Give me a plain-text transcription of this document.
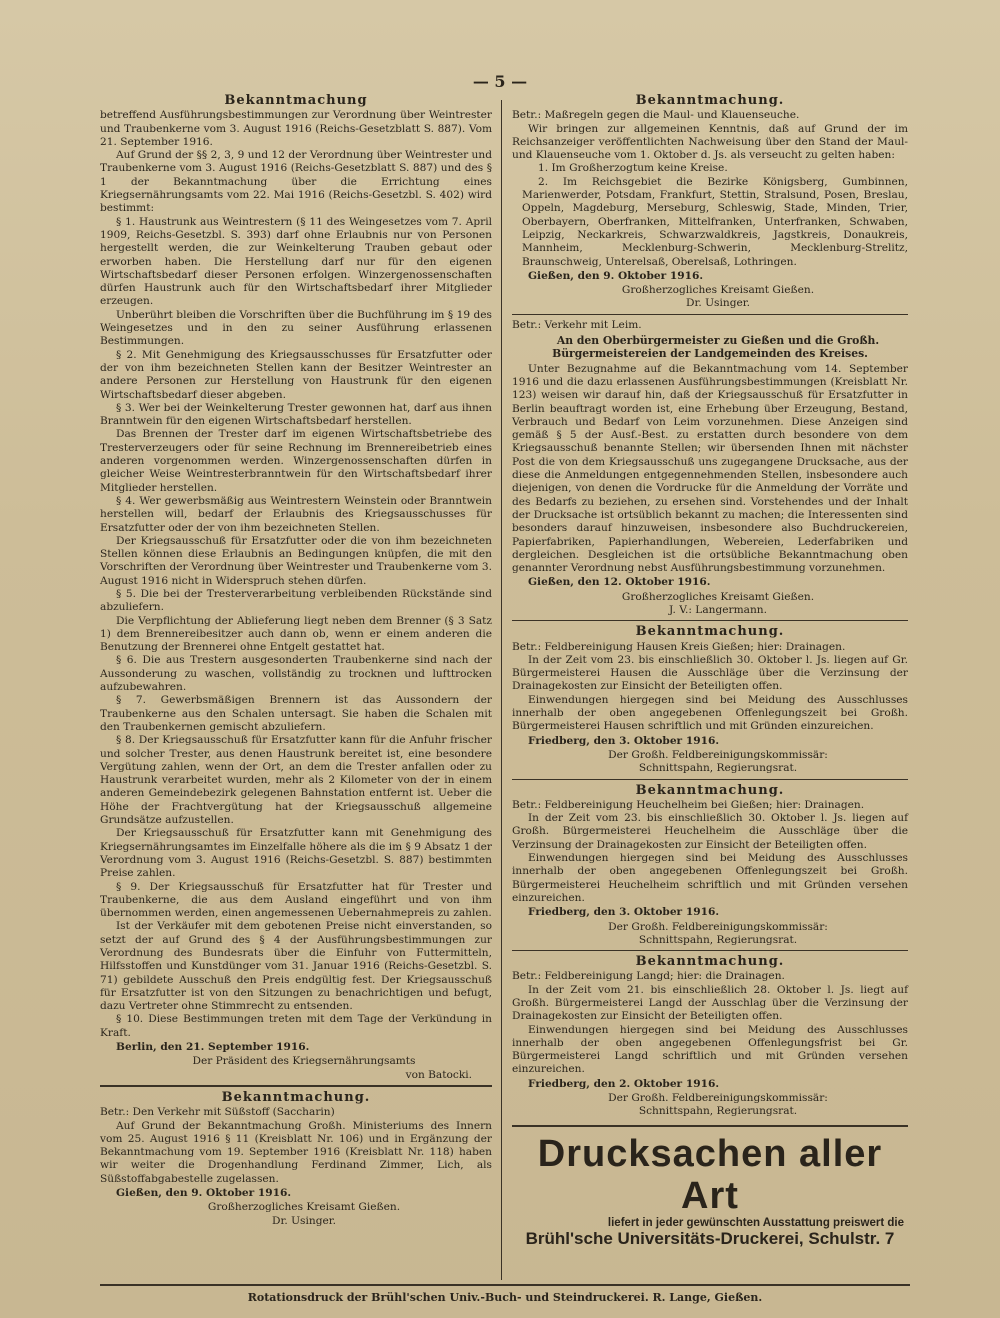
— 5 —
Bekanntmachung

betreffend Ausführungsbestimmungen zur Verordnung über Weintrester und Traubenkerne vom 3. August 1916 (Reichs-Gesetzblatt S. 887). Vom 21. September 1916.

Auf Grund der §§ 2, 3, 9 und 12 der Verordnung über Weintrester und Traubenkerne vom 3. August 1916 (Reichs-Gesetzblatt S. 887) und des § 1 der Bekanntmachung über die Errichtung eines Kriegsernährungsamts vom 22. Mai 1916 (Reichs-Gesetzbl. S. 402) wird bestimmt:

§ 1. Haustrunk aus Weintrestern (§ 11 des Weingesetzes vom 7. April 1909, Reichs-Gesetzbl. S. 393) darf ohne Erlaubnis nur von Personen hergestellt werden, die zur Weinkelterung Trauben gebaut oder erworben haben. Die Herstellung darf nur für den eigenen Wirtschaftsbedarf dieser Personen erfolgen. Winzergenossenschaften dürfen Haustrunk auch für den Wirtschaftsbedarf ihrer Mitglieder erzeugen.

Unberührt bleiben die Vorschriften über die Buchführung im § 19 des Weingesetzes und in den zu seiner Ausführung erlassenen Bestimmungen.

§ 2. Mit Genehmigung des Kriegsausschusses für Ersatzfutter oder der von ihm bezeichneten Stellen kann der Besitzer Weintrester an andere Personen zur Herstellung von Haustrunk für den eigenen Wirtschaftsbedarf dieser abgeben.

§ 3. Wer bei der Weinkelterung Trester gewonnen hat, darf aus ihnen Branntwein für den eigenen Wirtschaftsbedarf herstellen.

Das Brennen der Trester darf im eigenen Wirtschaftsbetriebe des Tresterverzeugers oder für seine Rechnung im Brennereibetrieb eines anderen vorgenommen werden. Winzergenossenschaften dürfen in gleicher Weise Weintresterbranntwein für den Wirtschaftsbedarf ihrer Mitglieder herstellen.

§ 4. Wer gewerbsmäßig aus Weintrestern Weinstein oder Branntwein herstellen will, bedarf der Erlaubnis des Kriegsausschusses für Ersatzfutter oder der von ihm bezeichneten Stellen.

Der Kriegsausschuß für Ersatzfutter oder die von ihm bezeichneten Stellen können diese Erlaubnis an Bedingungen knüpfen, die mit den Vorschriften der Verordnung über Weintrester und Traubenkerne vom 3. August 1916 nicht in Widerspruch stehen dürfen.

§ 5. Die bei der Tresterverarbeitung verbleibenden Rückstände sind abzuliefern.

Die Verpflichtung der Ablieferung liegt neben dem Brenner (§ 3 Satz 1) dem Brennereibesitzer auch dann ob, wenn er einem anderen die Benutzung der Brennerei ohne Entgelt gestattet hat.

§ 6. Die aus Trestern ausgesonderten Traubenkerne sind nach der Aussonderung zu waschen, vollständig zu trocknen und lufttrocken aufzubewahren.

§ 7. Gewerbsmäßigen Brennern ist das Aussondern der Traubenkerne aus den Schalen untersagt. Sie haben die Schalen mit den Traubenkernen gemischt abzuliefern.

§ 8. Der Kriegsausschuß für Ersatzfutter kann für die Anfuhr frischer und solcher Trester, aus denen Haustrunk bereitet ist, eine besondere Vergütung zahlen, wenn der Ort, an dem die Trester anfallen oder zu Haustrunk verarbeitet wurden, mehr als 2 Kilometer von der in einem anderen Gemeindebezirk gelegenen Bahnstation entfernt ist. Ueber die Höhe der Frachtvergütung hat der Kriegsausschuß allgemeine Grundsätze aufzustellen.

Der Kriegsausschuß für Ersatzfutter kann mit Genehmigung des Kriegsernährungsamtes im Einzelfalle höhere als die im § 9 Absatz 1 der Verordnung vom 3. August 1916 (Reichs-Gesetzbl. S. 887) bestimmten Preise zahlen.

§ 9. Der Kriegsausschuß für Ersatzfutter hat für Trester und Traubenkerne, die aus dem Ausland eingeführt und von ihm übernommen werden, einen angemessenen Uebernahmepreis zu zahlen.

Ist der Verkäufer mit dem gebotenen Preise nicht einverstanden, so setzt der auf Grund des § 4 der Ausführungsbestimmungen zur Verordnung des Bundesrats über die Einfuhr von Futtermitteln, Hilfsstoffen und Kunstdünger vom 31. Januar 1916 (Reichs-Gesetzbl. S. 71) gebildete Ausschuß den Preis endgültig fest. Der Kriegsausschuß für Ersatzfutter ist von den Sitzungen zu benachrichtigen und befugt, dazu Vertreter ohne Stimmrecht zu entsenden.

§ 10. Diese Bestimmungen treten mit dem Tage der Verkündung in Kraft.

Berlin, den 21. September 1916.

Der Präsident des Kriegsernährungsamts

von Batocki.

Bekanntmachung.

Betr.: Den Verkehr mit Süßstoff (Saccharin)

Auf Grund der Bekanntmachung Großh. Ministeriums des Innern vom 25. August 1916 § 11 (Kreisblatt Nr. 106) und in Ergänzung der Bekanntmachung vom 19. September 1916 (Kreisblatt Nr. 118) haben wir weiter die Drogenhandlung Ferdinand Zimmer, Lich, als Süßstoffabgabestelle zugelassen.

Gießen, den 9. Oktober 1916.

Großherzogliches Kreisamt Gießen.

Dr. Usinger.

Bekanntmachung.

Betr.: Maßregeln gegen die Maul- und Klauenseuche.

Wir bringen zur allgemeinen Kenntnis, daß auf Grund der im Reichsanzeiger veröffentlichten Nachweisung über den Stand der Maul- und Klauenseuche vom 1. Oktober d. Js. als verseucht zu gelten haben:

1. Im Großherzogtum keine Kreise.

2. Im Reichsgebiet die Bezirke Königsberg, Gumbinnen, Marienwerder, Potsdam, Frankfurt, Stettin, Stralsund, Posen, Breslau, Oppeln, Magdeburg, Merseburg, Schleswig, Stade, Minden, Trier, Oberbayern, Oberfranken, Mittelfranken, Unterfranken, Schwaben, Leipzig, Neckarkreis, Schwarzwaldkreis, Jagstkreis, Donaukreis, Mannheim, Mecklenburg-Schwerin, Mecklenburg-Strelitz, Braunschweig, Unterelsaß, Oberelsaß, Lothringen.

Gießen, den 9. Oktober 1916.

Großherzogliches Kreisamt Gießen.

Dr. Usinger.

Betr.: Verkehr mit Leim.

An den Oberbürgermeister zu Gießen und die Großh. Bürgermeistereien der Landgemeinden des Kreises.

Unter Bezugnahme auf die Bekanntmachung vom 14. September 1916 und die dazu erlassenen Ausführungsbestimmungen (Kreisblatt Nr. 123) weisen wir darauf hin, daß der Kriegsausschuß für Ersatzfutter in Berlin beauftragt worden ist, eine Erhebung über Erzeugung, Bestand, Verbrauch und Bedarf von Leim vorzunehmen. Diese Anzeigen sind gemäß § 5 der Ausf.-Best. zu erstatten durch besondere von dem Kriegsausschuß benannte Stellen; wir übersenden Ihnen mit nächster Post die von dem Kriegsausschuß uns zugegangene Drucksache, aus der diese die Anmeldungen entgegennehmenden Stellen, insbesondere auch diejenigen, von denen die Vordrucke für die Anmeldung der Vorräte und des Bedarfs zu beziehen, zu ersehen sind. Vorstehendes und der Inhalt der Drucksache ist ortsüblich bekannt zu machen; die Interessenten sind besonders darauf hinzuweisen, insbesondere also Buchdruckereien, Papierfabriken, Papierhandlungen, Webereien, Lederfabriken und dergleichen. Desgleichen ist die ortsübliche Bekanntmachung oben genannter Verordnung nebst Ausführungsbestimmung vorzunehmen.

Gießen, den 12. Oktober 1916.

Großherzogliches Kreisamt Gießen.

J. V.: Langermann.

Bekanntmachung.

Betr.: Feldbereinigung Hausen Kreis Gießen; hier: Drainagen.

In der Zeit vom 23. bis einschließlich 30. Oktober l. Js. liegen auf Gr. Bürgermeisterei Hausen die Ausschläge über die Verzinsung der Drainagekosten zur Einsicht der Beteiligten offen.

Einwendungen hiergegen sind bei Meidung des Ausschlusses innerhalb der oben angegebenen Offenlegungszeit bei Großh. Bürgermeisterei Hausen schriftlich und mit Gründen einzureichen.

Friedberg, den 3. Oktober 1916.

Der Großh. Feldbereinigungskommissär:

Schnittspahn, Regierungsrat.

Bekanntmachung.

Betr.: Feldbereinigung Heuchelheim bei Gießen; hier: Drainagen.

In der Zeit vom 23. bis einschließlich 30. Oktober l. Js. liegen auf Großh. Bürgermeisterei Heuchelheim die Ausschläge über die Verzinsung der Drainagekosten zur Einsicht der Beteiligten offen.

Einwendungen hiergegen sind bei Meidung des Ausschlusses innerhalb der oben angegebenen Offenlegungszeit bei Großh. Bürgermeisterei Heuchelheim schriftlich und mit Gründen versehen einzureichen.

Friedberg, den 3. Oktober 1916.

Der Großh. Feldbereinigungskommissär:

Schnittspahn, Regierungsrat.

Bekanntmachung.

Betr.: Feldbereinigung Langd; hier: die Drainagen.

In der Zeit vom 21. bis einschließlich 28. Oktober l. Js. liegt auf Großh. Bürgermeisterei Langd der Ausschlag über die Verzinsung der Drainagekosten zur Einsicht der Beteiligten offen.

Einwendungen hiergegen sind bei Meidung des Ausschlusses innerhalb der oben angegebenen Offenlegungsfrist bei Gr. Bürgermeisterei Langd schriftlich und mit Gründen versehen einzureichen.

Friedberg, den 2. Oktober 1916.

Der Großh. Feldbereinigungskommissär:

Schnittspahn, Regierungsrat.

Drucksachen aller Art
liefert in jeder gewünschten Ausstattung preiswert die
Brühl'sche Universitäts-Druckerei, Schulstr. 7
Rotationsdruck der Brühl'schen Univ.-Buch- und Steindruckerei. R. Lange, Gießen.
